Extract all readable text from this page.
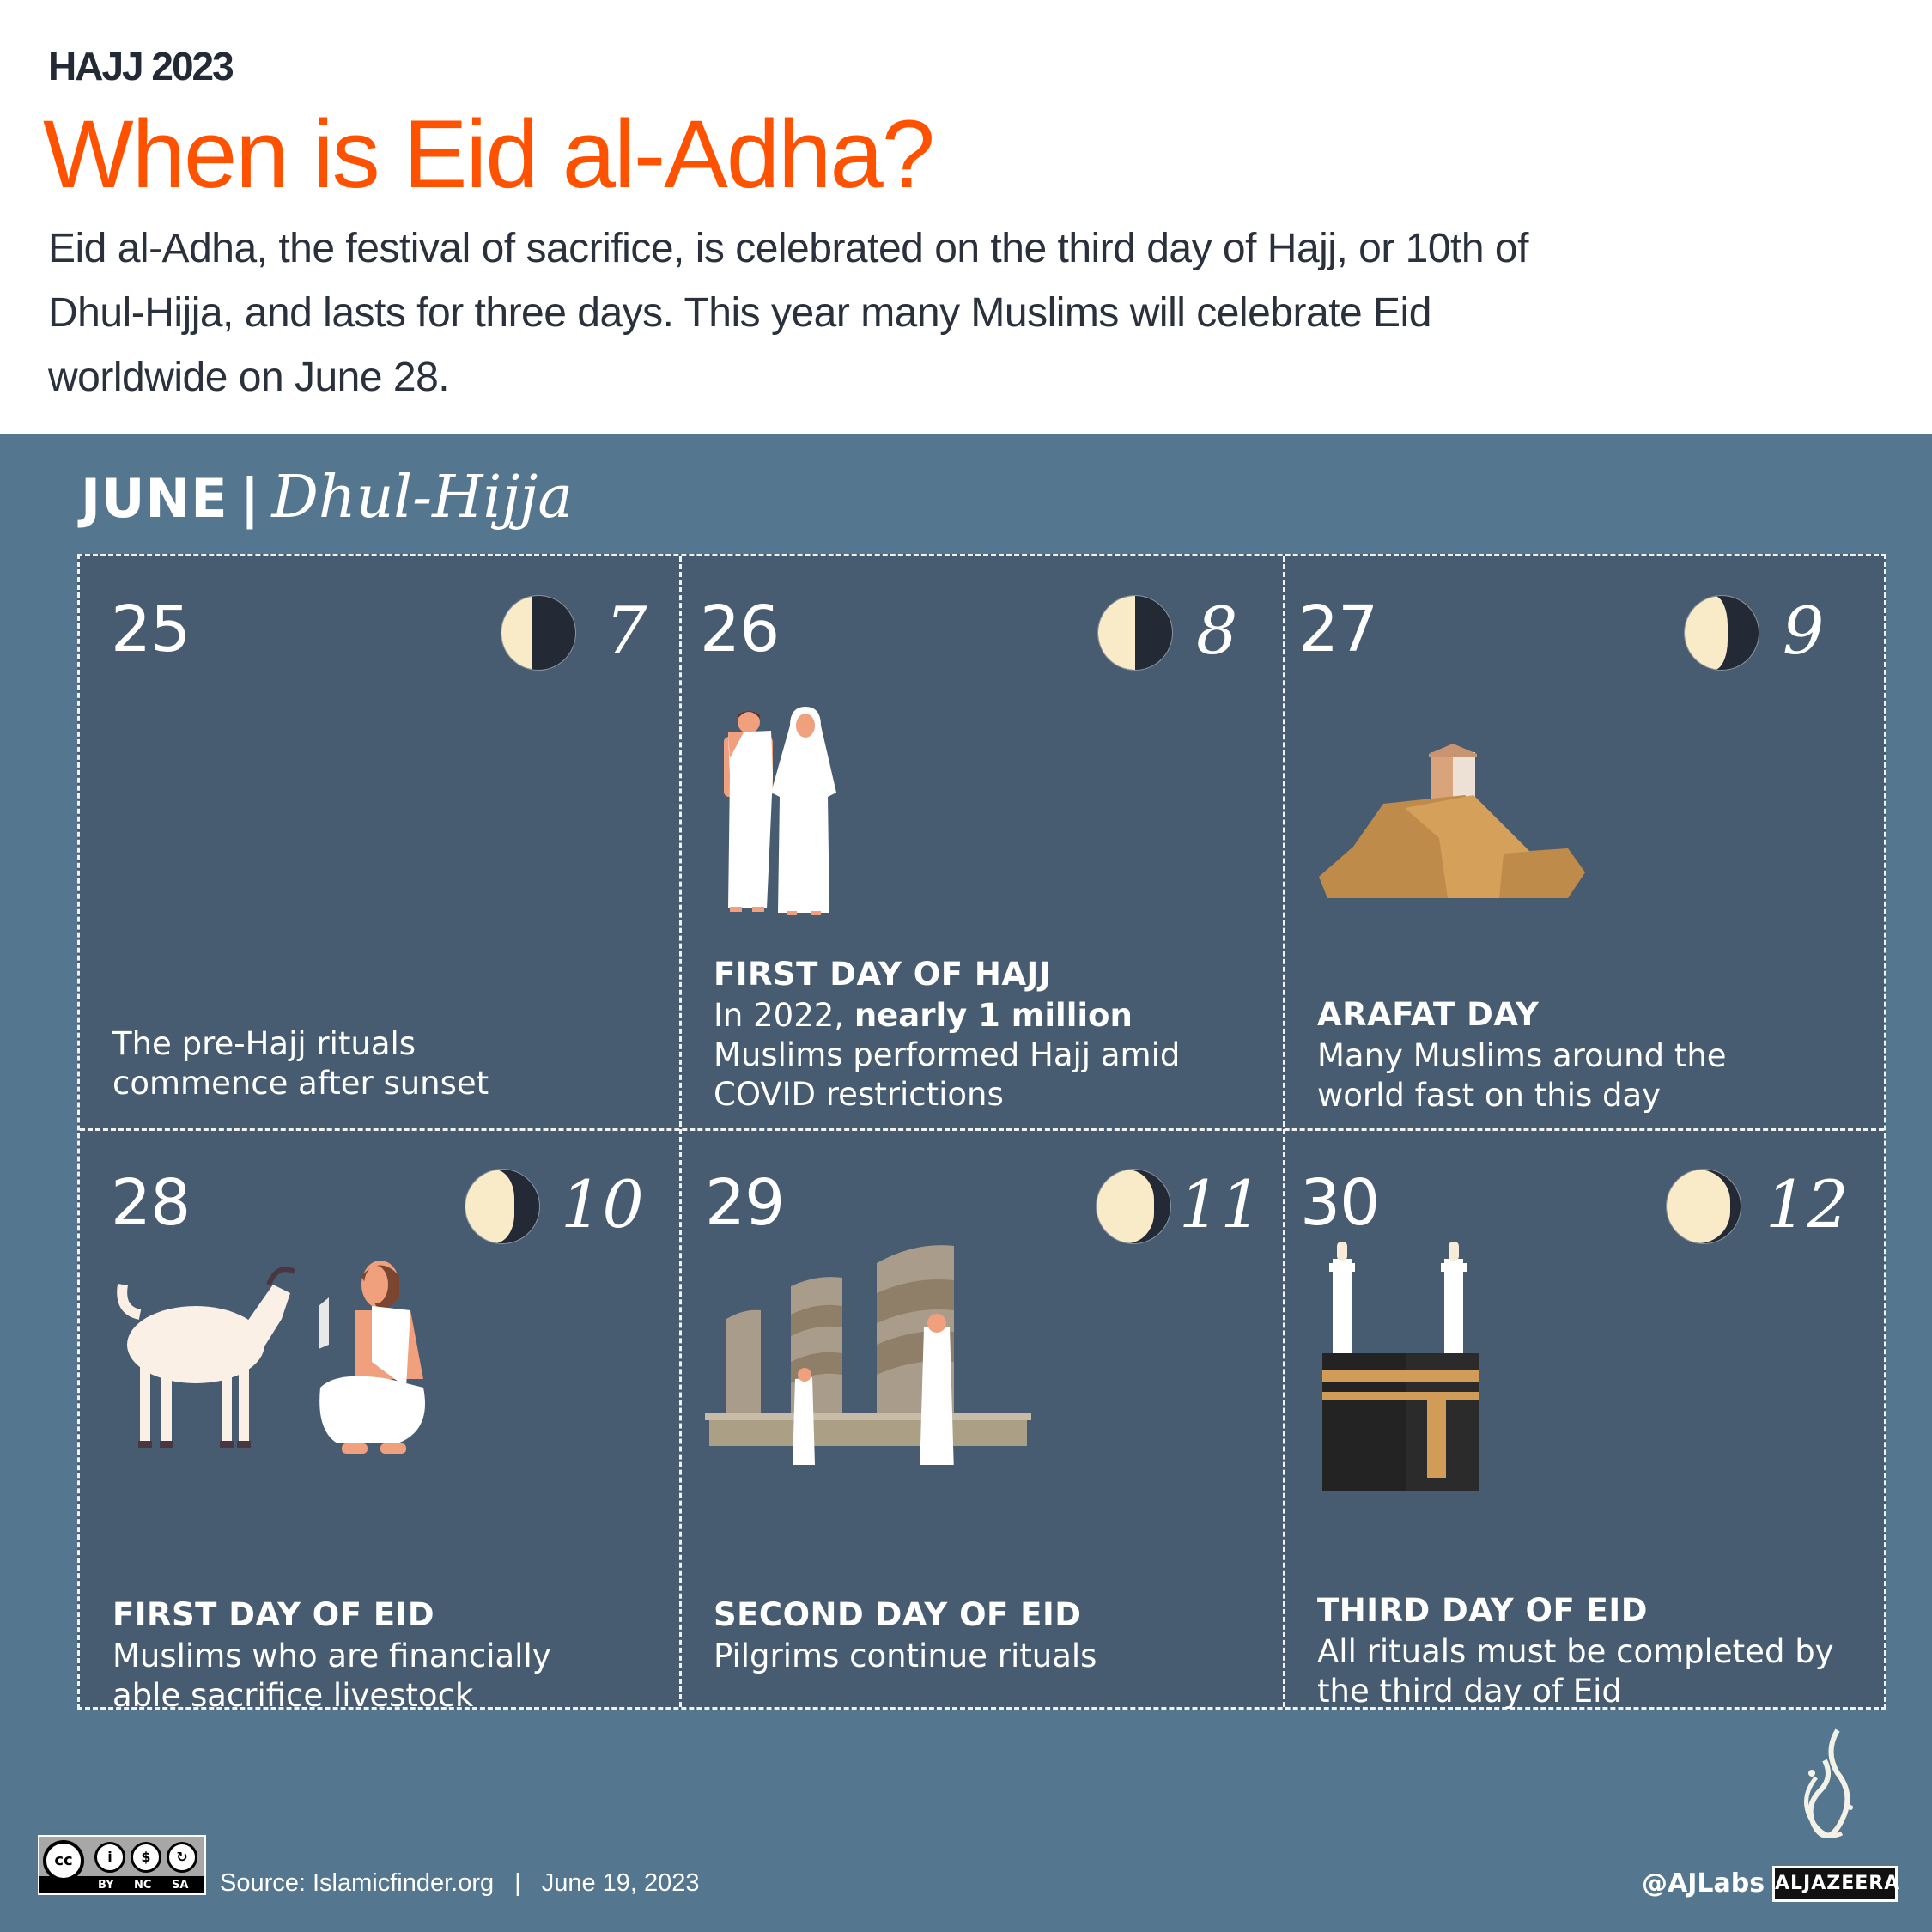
HAJJ 2023
When is Eid al-Adha?
Eid al-Adha, the festival of sacrifice, is celebrated on the third day of Hajj, or 10th of
Dhul-Hijja, and lasts for three days. This year many Muslims will celebrate Eid
worldwide on June 28.
JUNE | Dhul-Hijja
25	7
The pre-Hajj rituals
commence after sunset
26	8
FIRST DAY OF HAJJ
In 2022, nearly 1 million Muslims performed Hajj amid COVID restrictions
27	9
ARAFAT DAY
Many Muslims around the
world fast on this day
28	10
FIRST DAY OF EID
Muslims who are financially
able sacrifice livestock
29	11
SECOND DAY OF EID
Pilgrims continue rituals
30	12
THIRD DAY OF EID
All rituals must be completed by
the third day of Eid
cc	i	$	↻
BY NC SA Source: Islamicfinder.org | June 19, 2023	@AJLabs ALJAZEERA
